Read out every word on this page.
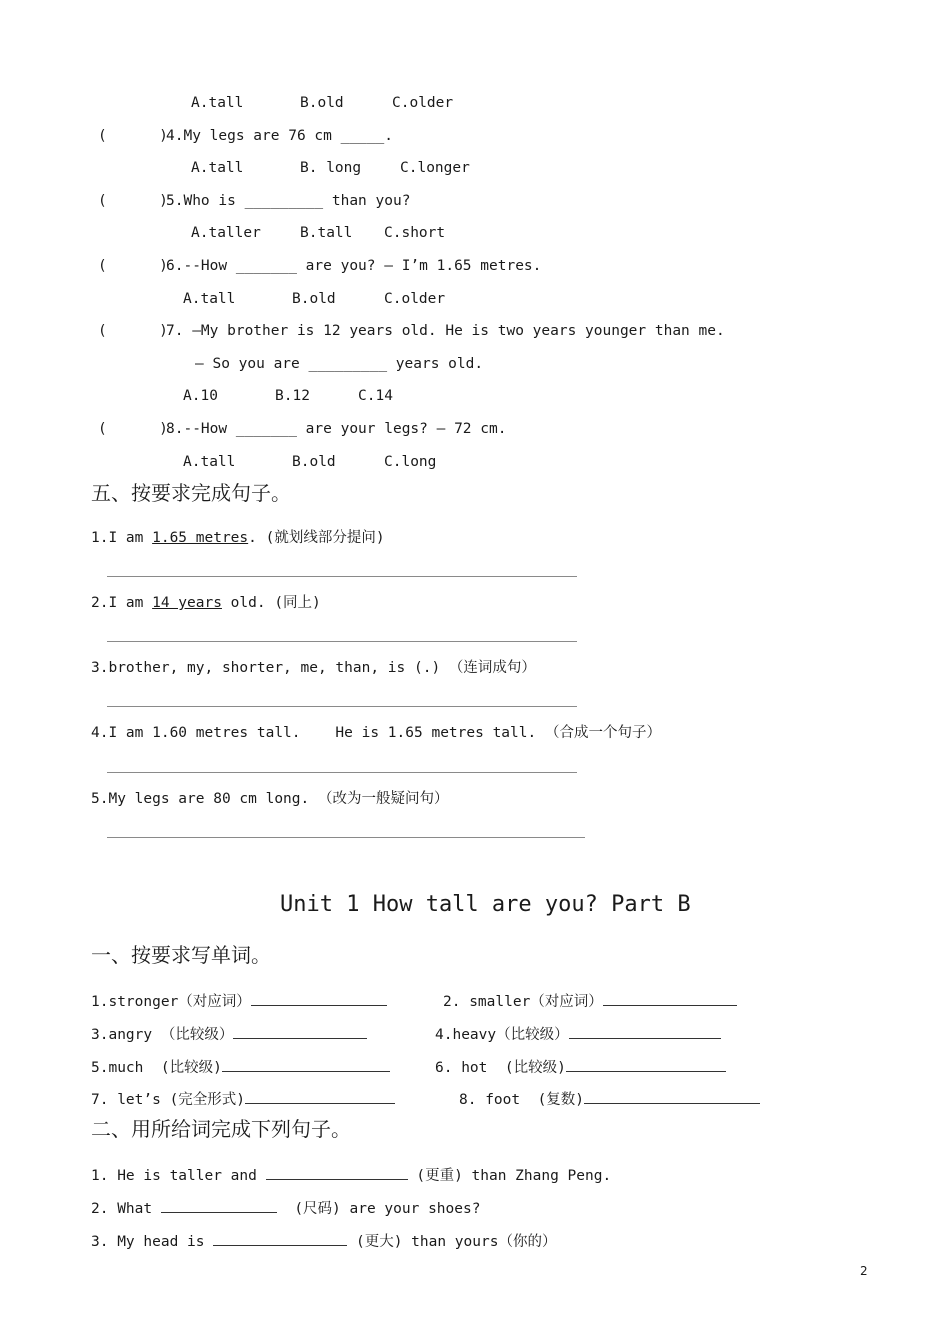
A.tall	B.old	C.older
(      )
4.My legs are 76 cm _____.
A.tall	B. long	C.longer
(      )
5.Who is _________ than you?
A.taller	B.tall C.short
(      )
6.--How _______ are you? – I’m 1.65 metres.
A.tall	B.old	C.older
(      )
7. –My brother is 12 years old. He is two years younger than me.
– So you are _________ years old.
A.10	B.12	C.14
(      )
8.--How _______ are your legs? – 72 cm.
A.tall	B.old	C.long
五、按要求完成句子。
1.I am 1.65 metres. (就划线部分提问)
2.I am 14 years old. (同上)
3.brother, my, shorter, me, than, is (.) （连词成句）
4.I am 1.60 metres tall.    He is 1.65 metres tall. （合成一个句子）
5.My legs are 80 cm long. （改为一般疑问句）
Unit 1 How tall are you? Part B
一、按要求写单词。
1.stronger（对应词）	2. smaller（对应词）
3.angry （比较级）	4.heavy（比较级）
5.much  (比较级)	6. hot  (比较级)
7. let’s (完全形式)	8. foot  (复数)
二、用所给词完成下列句子。
1. He is taller and	(更重) than Zhang Peng.
2. What	(尺码) are your shoes?
3. My head is	(更大) than yours（你的）
2
